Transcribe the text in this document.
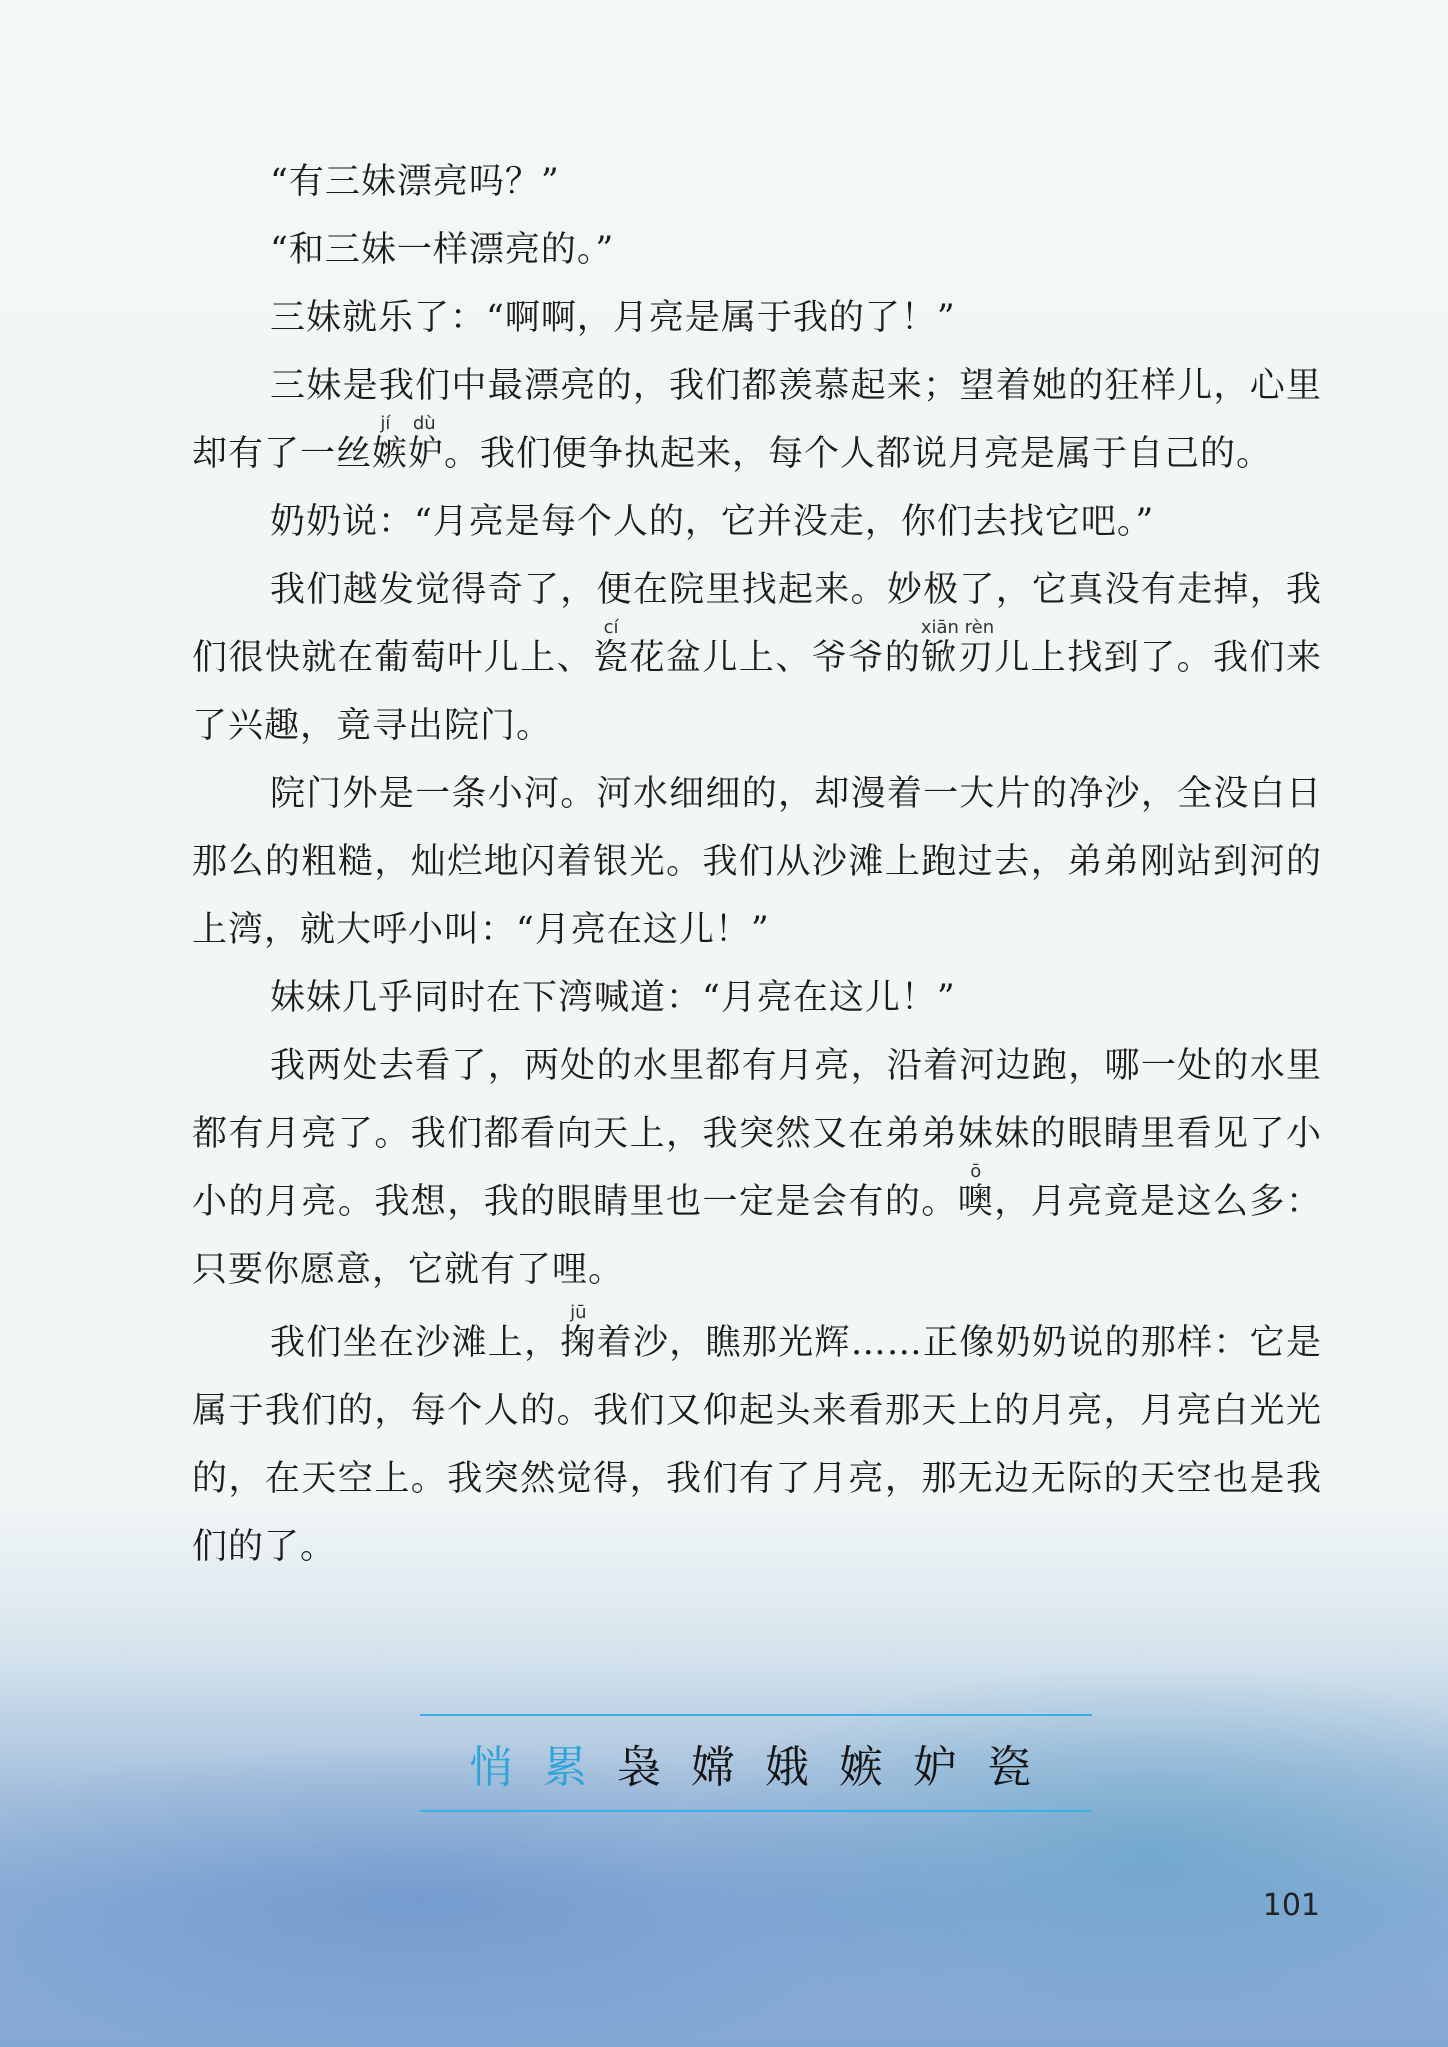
“有三妹漂亮吗？”

“和三妹一样漂亮的。”

三妹就乐了：“啊啊，月亮是属于我的了！”

三妹是我们中最漂亮的，我们都羡慕起来；望着她的狂样儿，心里却有了一丝嫉妒jí dù。我们便争执起来，每个人都说月亮是属于自己的。

奶奶说：“月亮是每个人的，它并没走，你们去找它吧。”

我们越发觉得奇了，便在院里找起来。妙极了，它真没有走掉，我们很快就在葡萄叶儿上、瓷cí花盆儿上、爷爷的锨刃xiān rèn儿上找到了。我们来了兴趣，竟寻出院门。

院门外是一条小河。河水细细的，却漫着一大片的净沙，全没白日那么的粗糙，灿烂地闪着银光。我们从沙滩上跑过去，弟弟刚站到河的上湾，就大呼小叫：“月亮在这儿！”

妹妹几乎同时在下湾喊道：“月亮在这儿！”

我两处去看了，两处的水里都有月亮，沿着河边跑，哪一处的水里都有月亮了。我们都看向天上，我突然又在弟弟妹妹的眼睛里看见了小小的月亮。我想，我的眼睛里也一定是会有的。噢ō，月亮竟是这么多：只要你愿意，它就有了哩。

我们坐在沙滩上，掬jū着沙，瞧那光辉……正像奶奶说的那样：它是属于我们的，每个人的。我们又仰起头来看那天上的月亮，月亮白光光的，在天空上。我突然觉得，我们有了月亮，那无边无际的天空也是我们的了。

悄 累 袅 嫦 娥 嫉 妒 瓷
101
